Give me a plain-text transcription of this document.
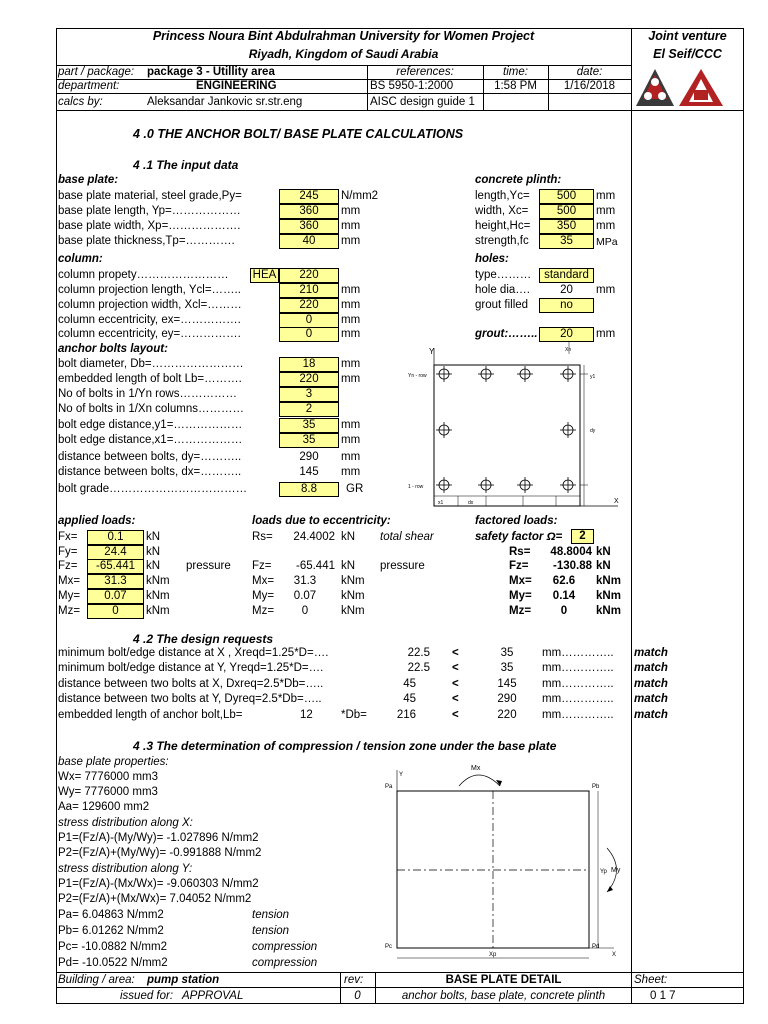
Princess Noura Bint Abdulrahman University for Women Project
Riyadh, Kingdom of Saudi Arabia
Joint venture
El Seif/CCC
part / package: package 3 - Utillity area	references:	time:	date:
department:	ENGINEERING	BS 5950-1:2000	1:58 PM	1/16/2018
calcs by:	Aleksandar Jankovic sr.str.eng	AISC design guide 1
4 .0 THE ANCHOR BOLT/ BASE PLATE CALCULATIONS
4 .1 The input data
base plate:
base plate material, steel grade,Py=	245	N/mm2
base plate length, Yp=………………	360	mm
base plate width, Xp=……………….	360	mm
base plate thickness,Tp=………….	40	mm
column:
column propety…………………… HEA	220
column projection length, Ycl=……..	210	mm
column projection width, Xcl=………	220	mm
column eccentricity, ex=…………….	0	mm
column eccentricity, ey=…………….	0	mm
anchor bolts layout:
bolt diameter, Db=……………………	18	mm
embedded length of bolt Lb=……….	220	mm
No of bolts in 1/Yn rows……………	3
No of bolts in 1/Xn columns…………	2
bolt edge distance,y1=………………	35	mm
bolt edge distance,x1=………………	35	mm
distance between bolts, dy=………..	290	mm
distance between bolts, dx=………..	145	mm
bolt grade………………………………	8.8	GR
concrete plinth:
length,Yc=	500	mm
width, Xc=	500	mm
height,Hc=	350	mm
strength,fc	35	MPa
holes:
type………	standard
hole dia….	20	mm
grout filled	no
grout:……..	20	mm
Y
Yn - row
1 - row
X
Xn
x1	dx
y1
dy
applied loads:	loads due to eccentricity:	factored loads:
safety factor Ω=	2
Fx=	0.1	kN
Fy=	24.4	kN
Fz=	-65.441 kN
Mx=	31.3	kNm
My=	0.07	kNm
Mz=	0	kNm
pressure
total shear
pressure
Rs=	24.4002 kN
Fz=	-65.441 kN
Mx=	31.3	kNm
My=	0.07	kNm
Mz=	0	kNm
Rs=	48.8004 kN
Fz=	-130.88 kN
Mx=	62.6	kNm
My=	0.14	kNm
Mz=	0	kNm
4 .2 The design requests
minimum bolt/edge distance at X , Xreqd=1.25*D=….	22.5 <	35	mm………….. match
minimum bolt/edge distance at Y, Yreqd=1.25*D=….	22.5 <	35	mm………….. match
distance between two bolts at X, Dxreq=2.5*Db=…..	45	<	145	mm………….. match
distance between two bolts at Y, Dyreq=2.5*Db=…..	45	<	290	mm………….. match
embedded length of anchor bolt,Lb=	12 *Db=	216	<	220	mm………….. match
4 .3 The determination of compression / tension zone under the base plate
base plate properties:
Wx= 7776000 mm3
Wy= 7776000 mm3
Aa= 129600 mm2
stress distribution along X:
P1=(Fz/A)-(My/Wy)= -1.027896 N/mm2
P2=(Fz/A)+(My/Wy)= -0.991888 N/mm2
stress distribution along Y:
P1=(Fz/A)-(Mx/Wx)= -9.060303 N/mm2
P2=(Fz/A)+(Mx/Wx)= 7.04052 N/mm2
Pa= 6.04863 N/mm2	tension
Pb= 6.01262 N/mm2	tension
Pc= -10.0882 N/mm2	compression
Pd= -10.0522 N/mm2	compression
Mx
My
Pa	Pb
Pc	Pd
Xp
Yp
X
Y
Building / area: pump station	rev:	BASE PLATE DETAIL	Sheet:
issued for: APPROVAL	0	anchor bolts, base plate, concrete plinth	0 1 7
